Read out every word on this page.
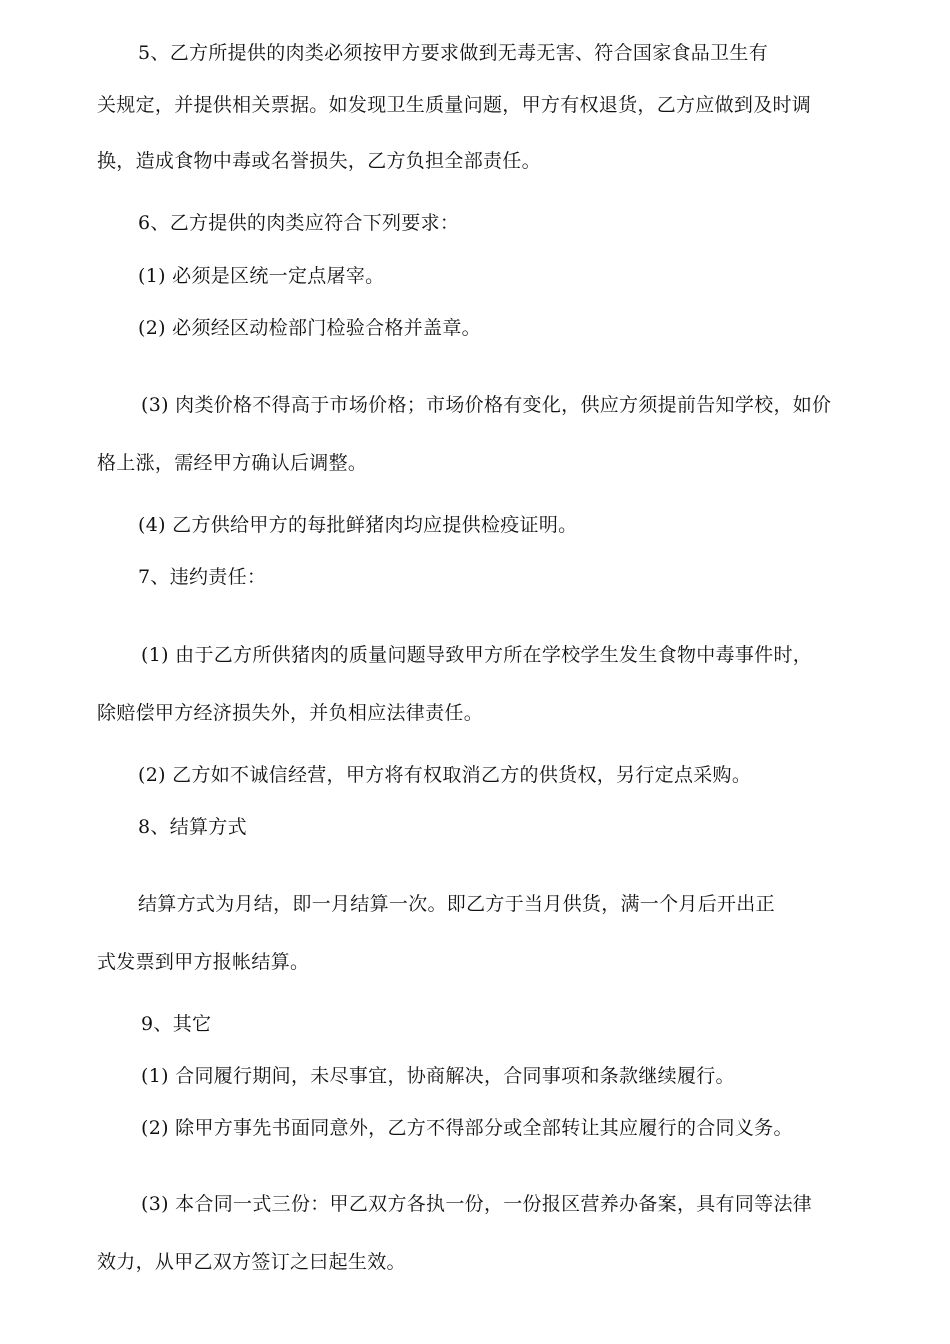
5、乙方所提供的肉类必须按甲方要求做到无毒无害、符合国家食品卫生有
关规定，并提供相关票据。如发现卫生质量问题，甲方有权退货，乙方应做到及时调
换，造成食物中毒或名誉损失，乙方负担全部责任。
6、乙方提供的肉类应符合下列要求：
(1) 必须是区统一定点屠宰。
(2) 必须经区动检部门检验合格并盖章。
(3) 肉类价格不得高于市场价格；市场价格有变化，供应方须提前告知学校，如价
格上涨，需经甲方确认后调整。
(4) 乙方供给甲方的每批鲜猪肉均应提供检疫证明。
7、违约责任：
(1) 由于乙方所供猪肉的质量问题导致甲方所在学校学生发生食物中毒事件时，
除赔偿甲方经济损失外，并负相应法律责任。
(2) 乙方如不诚信经营，甲方将有权取消乙方的供货权，另行定点采购。
8、结算方式
结算方式为月结，即一月结算一次。即乙方于当月供货，满一个月后开出正
式发票到甲方报帐结算。
9、其它
(1) 合同履行期间，未尽事宜，协商解决，合同事项和条款继续履行。
(2) 除甲方事先书面同意外，乙方不得部分或全部转让其应履行的合同义务。
(3) 本合同一式三份：甲乙双方各执一份，一份报区营养办备案，具有同等法律
效力，从甲乙双方签订之曰起生效。
